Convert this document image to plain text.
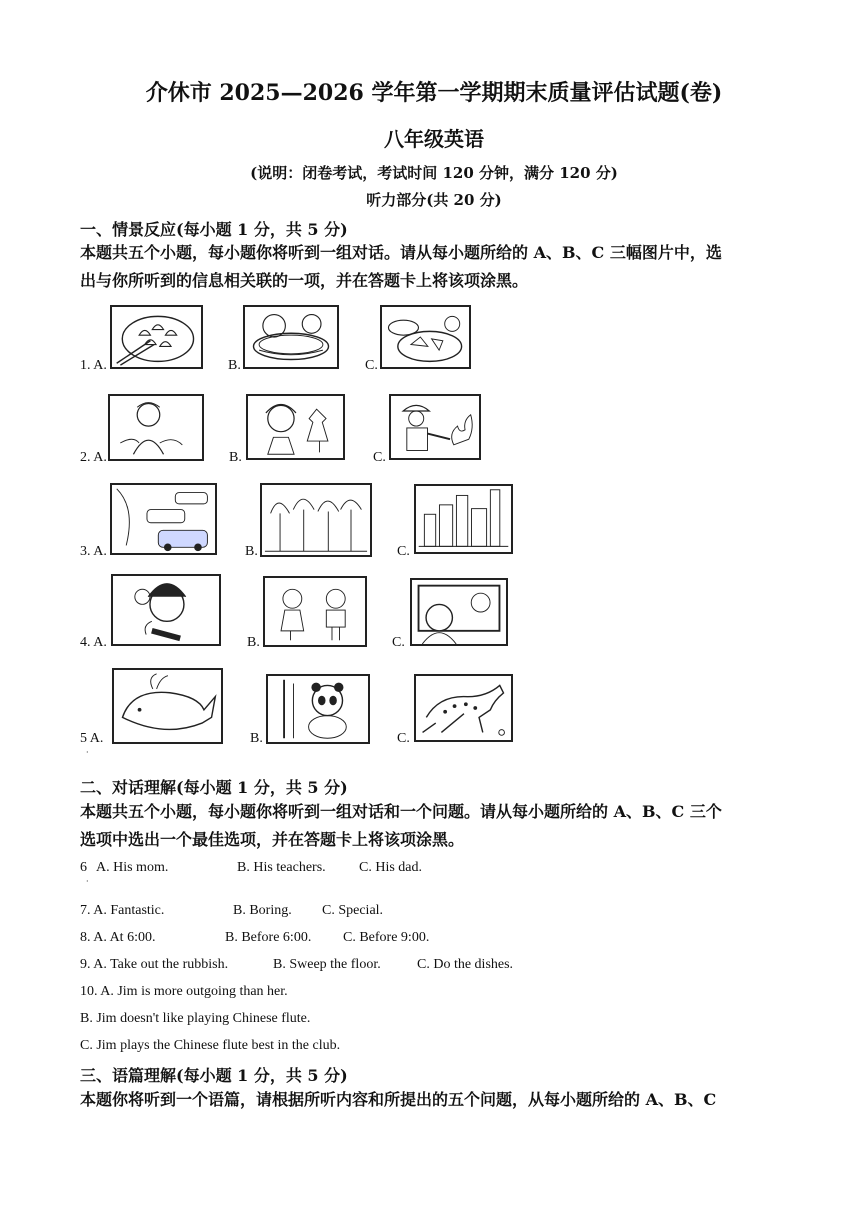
介休市 2025—2026 学年第一学期期末质量评估试题(卷)
八年级英语
(说明：闭卷考试，考试时间 120 分钟，满分 120 分)
听力部分(共 20 分)
一、情景反应(每小题 1 分，共 5 分)
本题共五个小题，每小题你将听到一组对话。请从每小题所给的 A、B、C 三幅图片中，选
出与你所听到的信息相关联的一项，并在答题卡上将该项涂黑。
1. A.	B.	C.
2. A.	B.	C.
3. A.	B.	C.
4. A.	B.	C.
5 A.
·
B.	C.
二、对话理解(每小题 1 分，共 5 分)
本题共五个小题，每小题你将听到一组对话和一个问题。请从每小题所给的 A、B、C 三个
选项中选出一个最佳选项，并在答题卡上将该项涂黑。
6
·
A. His mom.	B. His teachers. C. His dad.
7. A. Fantastic.	B. Boring. C. Special.
8. A. At 6:00.	B. Before 6:00. C. Before 9:00.
9. A. Take out the rubbish.	B. Sweep the floor.	C. Do the dishes.
10. A. Jim is more outgoing than her.
B. Jim doesn't like playing Chinese flute.
C. Jim plays the Chinese flute best in the club.
三、语篇理解(每小题 1 分，共 5 分)
本题你将听到一个语篇，请根据所听内容和所提出的五个问题，从每小题所给的 A、B、C
